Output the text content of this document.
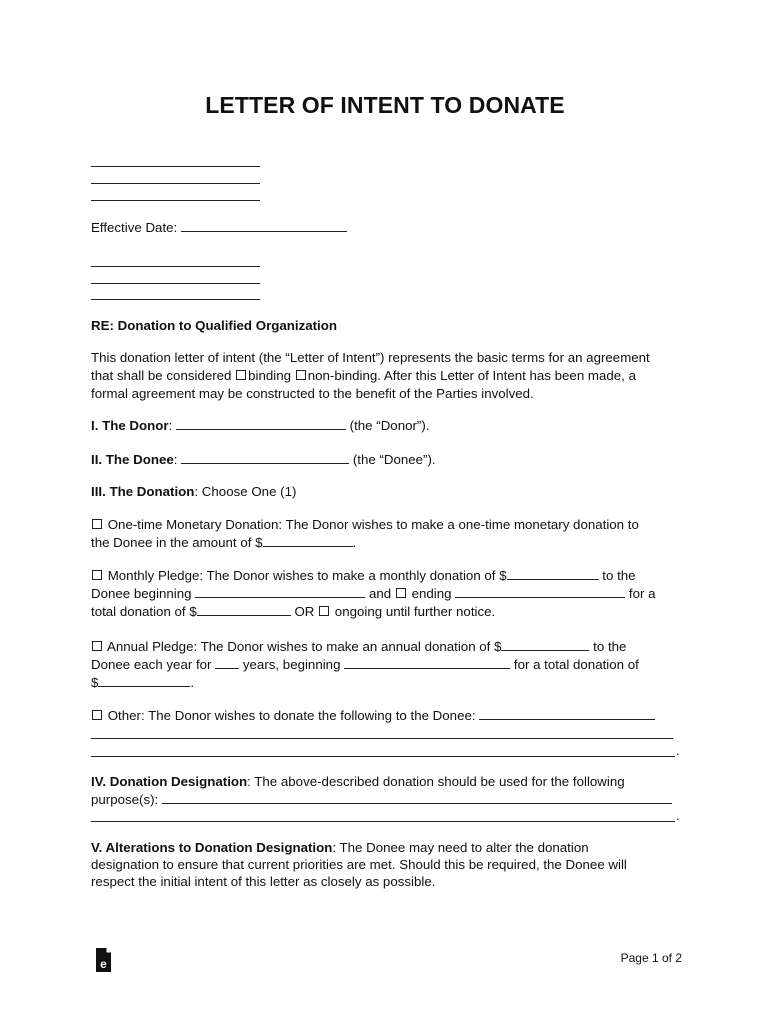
LETTER OF INTENT TO DONATE
Effective Date:
RE: Donation to Qualified Organization
This donation letter of intent (the “Letter of Intent”) represents the basic terms for an agreement
that shall be considered binding non-binding. After this Letter of Intent has been made, a
formal agreement may be constructed to the benefit of the Parties involved.
I. The Donor:	(the “Donor”).
II. The Donee:	(the “Donee”).
III. The Donation: Choose One (1)
One-time Monetary Donation: The Donor wishes to make a one-time monetary donation to
the Donee in the amount of $	.
Monthly Pledge: The Donor wishes to make a monthly donation of $	to the
Donee beginning	and ending	for a
total donation of $	OR ongoing until further notice.
Annual Pledge: The Donor wishes to make an annual donation of $	to the
Donee each year for years, beginning	for a total donation of
$	.
Other: The Donor wishes to donate the following to the Donee:
.
IV. Donation Designation: The above-described donation should be used for the following
purpose(s):
.
V. Alterations to Donation Designation: The Donee may need to alter the donation
designation to ensure that current priorities are met. Should this be required, the Donee will
respect the initial intent of this letter as closely as possible.
e	Page 1 of 2
